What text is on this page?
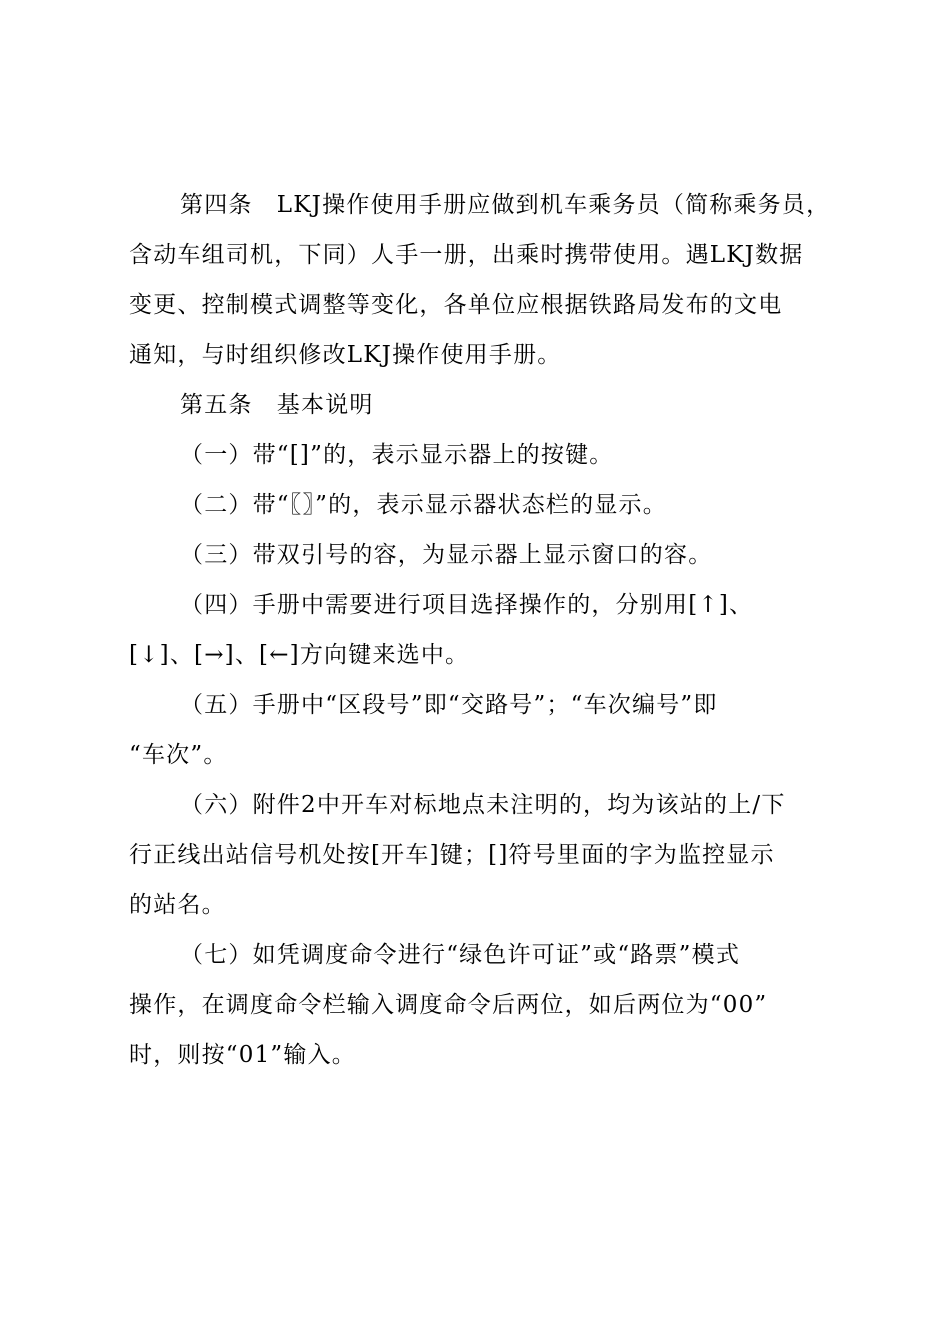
第四条　LKJ操作使用手册应做到机车乘务员（简称乘务员，
含动车组司机，下同）人手一册，出乘时携带使用。遇LKJ数据
变更、控制模式调整等变化，各单位应根据铁路局发布的文电
通知，与时组织修改LKJ操作使用手册。
第五条　基本说明
（一）带“[]”的，表示显示器上的按键。
（二）带“〖〗”的，表示显示器状态栏的显示。
（三）带双引号的容，为显示器上显示窗口的容。
（四）手册中需要进行项目选择操作的，分别用[↑]、
[↓]、[→]、[←]方向键来选中。
（五）手册中“区段号”即“交路号”；“车次编号”即
“车次”。
（六）附件2中开车对标地点未注明的，均为该站的上/下
行正线出站信号机处按[开车]键；[]符号里面的字为监控显示
的站名。
（七）如凭调度命令进行“绿色许可证”或“路票”模式
操作，在调度命令栏输入调度命令后两位，如后两位为“00”
时，则按“01”输入。
